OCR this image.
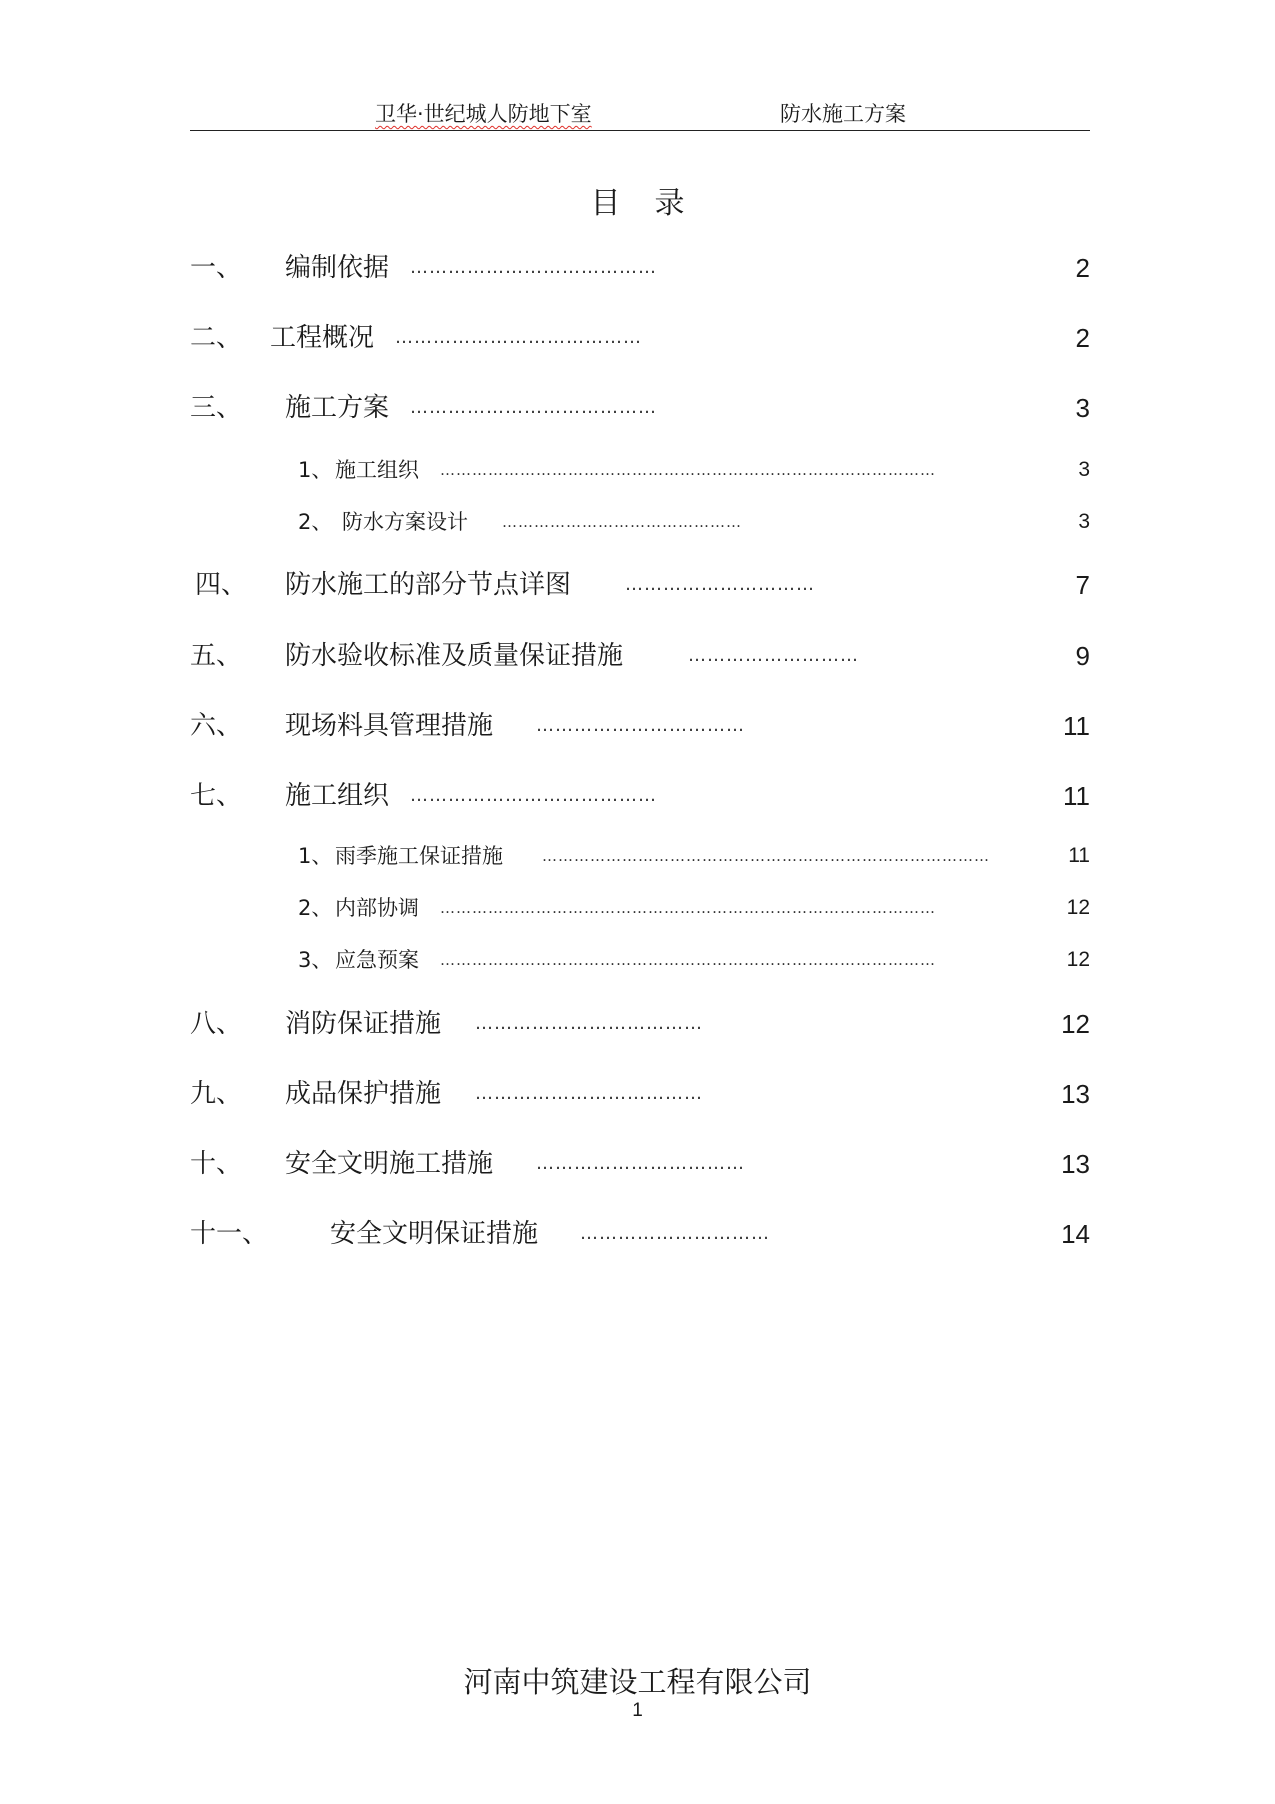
卫华·世纪城人防地下室	防水施工方案
目录
一、 编制依据 …………………………………	2
二、 工程概况 …………………………………	2
三、 施工方案 …………………………………	3
1、 施工组织 …………………………………………………………………………………	3
2、 防水方案设计 ………………………………………	3
四、 防水施工的部分节点详图	…………………………	7
五、 防水验收标准及质量保证措施	………………………	9
六、 现场料具管理措施 ……………………………	11
七、 施工组织 …………………………………	11
1、 雨季施工保证措施	…………………………………………………………………………	11
2、 内部协调 …………………………………………………………………………………	12
3、 应急预案 …………………………………………………………………………………	12
八、 消防保证措施 ………………………………	12
九、 成品保护措施 ………………………………	13
十、 安全文明施工措施 ……………………………	13
十一、 安全文明保证措施 …………………………	14
河南中筑建设工程有限公司
1
